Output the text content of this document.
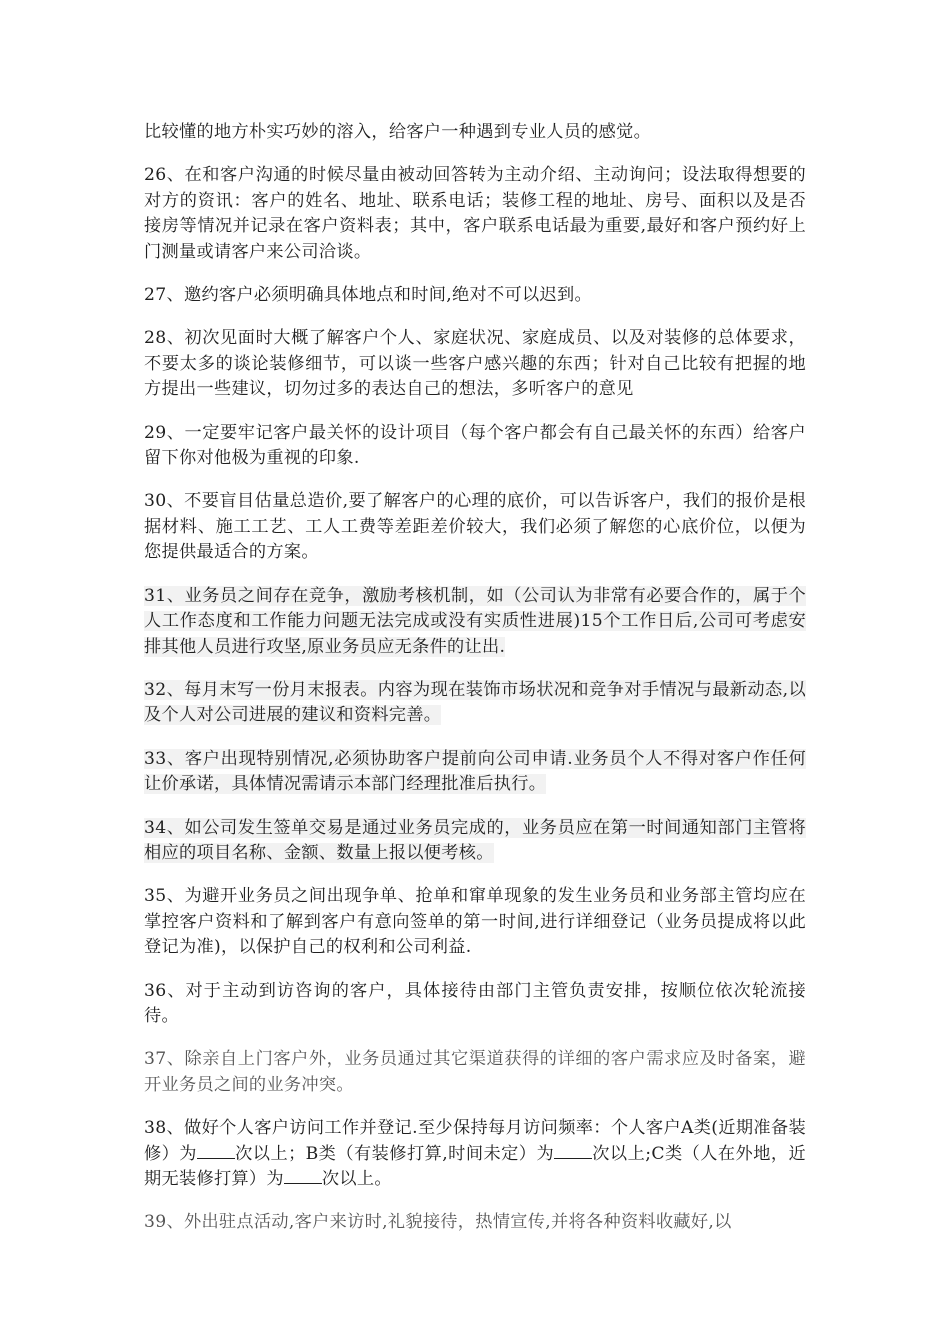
比较懂的地方朴实巧妙的溶入，给客户一种遇到专业人员的感觉。

26、在和客户沟通的时候尽量由被动回答转为主动介绍、主动询问；设法取得想要的对方的资讯：客户的姓名、地址、联系电话；装修工程的地址、房号、面积以及是否接房等情况并记录在客户资料表；其中，客户联系电话最为重要,最好和客户预约好上门测量或请客户来公司洽谈。

27、邀约客户必须明确具体地点和时间,绝对不可以迟到。

28、初次见面时大概了解客户个人、家庭状况、家庭成员、以及对装修的总体要求，不要太多的谈论装修细节，可以谈一些客户感兴趣的东西；针对自己比较有把握的地方提出一些建议，切勿过多的表达自己的想法，多听客户的意见

29、一定要牢记客户最关怀的设计项目（每个客户都会有自己最关怀的东西）给客户留下你对他极为重视的印象.

30、不要盲目估量总造价,要了解客户的心理的底价，可以告诉客户，我们的报价是根据材料、施工工艺、工人工费等差距差价较大，我们必须了解您的心底价位，以便为您提供最适合的方案。

31、业务员之间存在竞争，激励考核机制，如（公司认为非常有必要合作的，属于个人工作态度和工作能力问题无法完成或没有实质性进展)15个工作日后,公司可考虑安排其他人员进行攻坚,原业务员应无条件的让出.

32、每月末写一份月末报表。内容为现在装饰市场状况和竞争对手情况与最新动态,以及个人对公司进展的建议和资料完善。

33、客户出现特别情况,必须协助客户提前向公司申请.业务员个人不得对客户作任何让价承诺，具体情况需请示本部门经理批准后执行。

34、如公司发生签单交易是通过业务员完成的，业务员应在第一时间通知部门主管将相应的项目名称、金额、数量上报以便考核。

35、为避开业务员之间出现争单、抢单和窜单现象的发生业务员和业务部主管均应在掌控客户资料和了解到客户有意向签单的第一时间,进行详细登记（业务员提成将以此登记为准)，以保护自己的权利和公司利益.

36、对于主动到访咨询的客户，具体接待由部门主管负责安排，按顺位依次轮流接待。

37、除亲自上门客户外，业务员通过其它渠道获得的详细的客户需求应及时备案，避开业务员之间的业务冲突。

38、做好个人客户访问工作并登记.至少保持每月访问频率：个人客户A类(近期准备装修）为 次以上；B类（有装修打算,时间未定）为 次以上;C类（人在外地，近期无装修打算）为 次以上。

39、外出驻点活动,客户来访时,礼貌接待，热情宣传,并将各种资料收藏好,以
